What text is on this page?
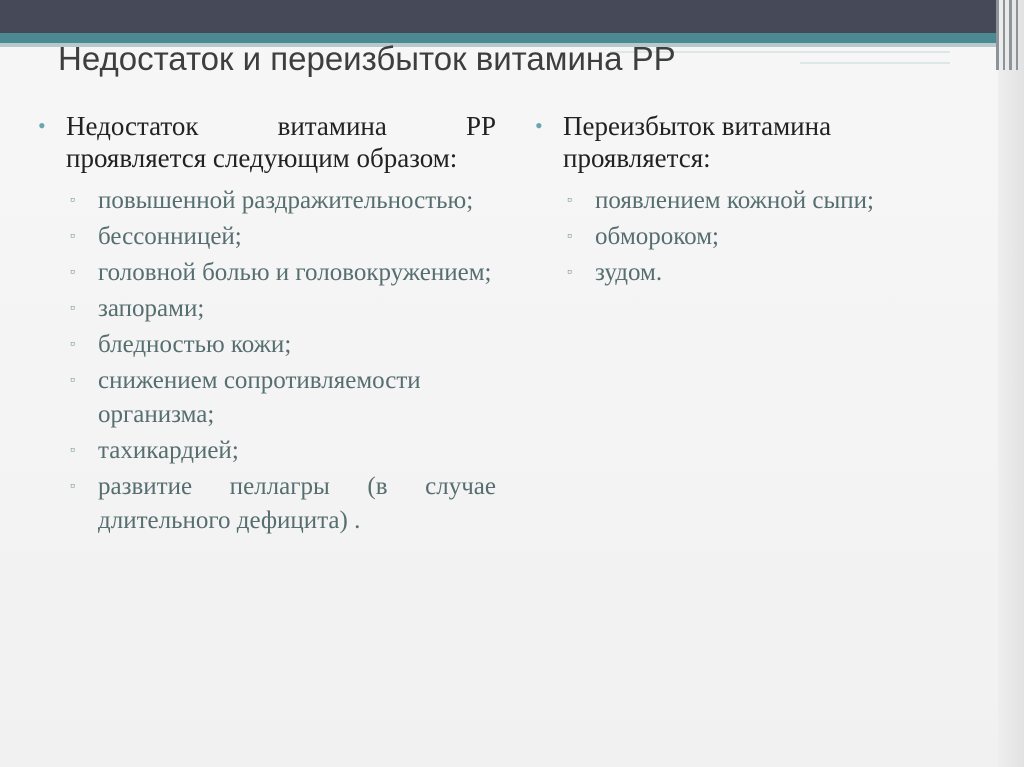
Недостаток и переизбыток витамина РР

• Недостаток витамина РР проявляется следующим образом:

▫ повышенной раздражительностью;
▫ бессонницей;
▫ головной болью и головокружением;
▫ запорами;
▫ бледностью кожи;
▫ снижением сопротивляемости организма;
▫ тахикардией;
▫ развитие пеллагры (в случае длительного дефицита) .

• Переизбыток витамина проявляется:

▫ появлением кожной сыпи;
▫ обмороком;
▫ зудом.
